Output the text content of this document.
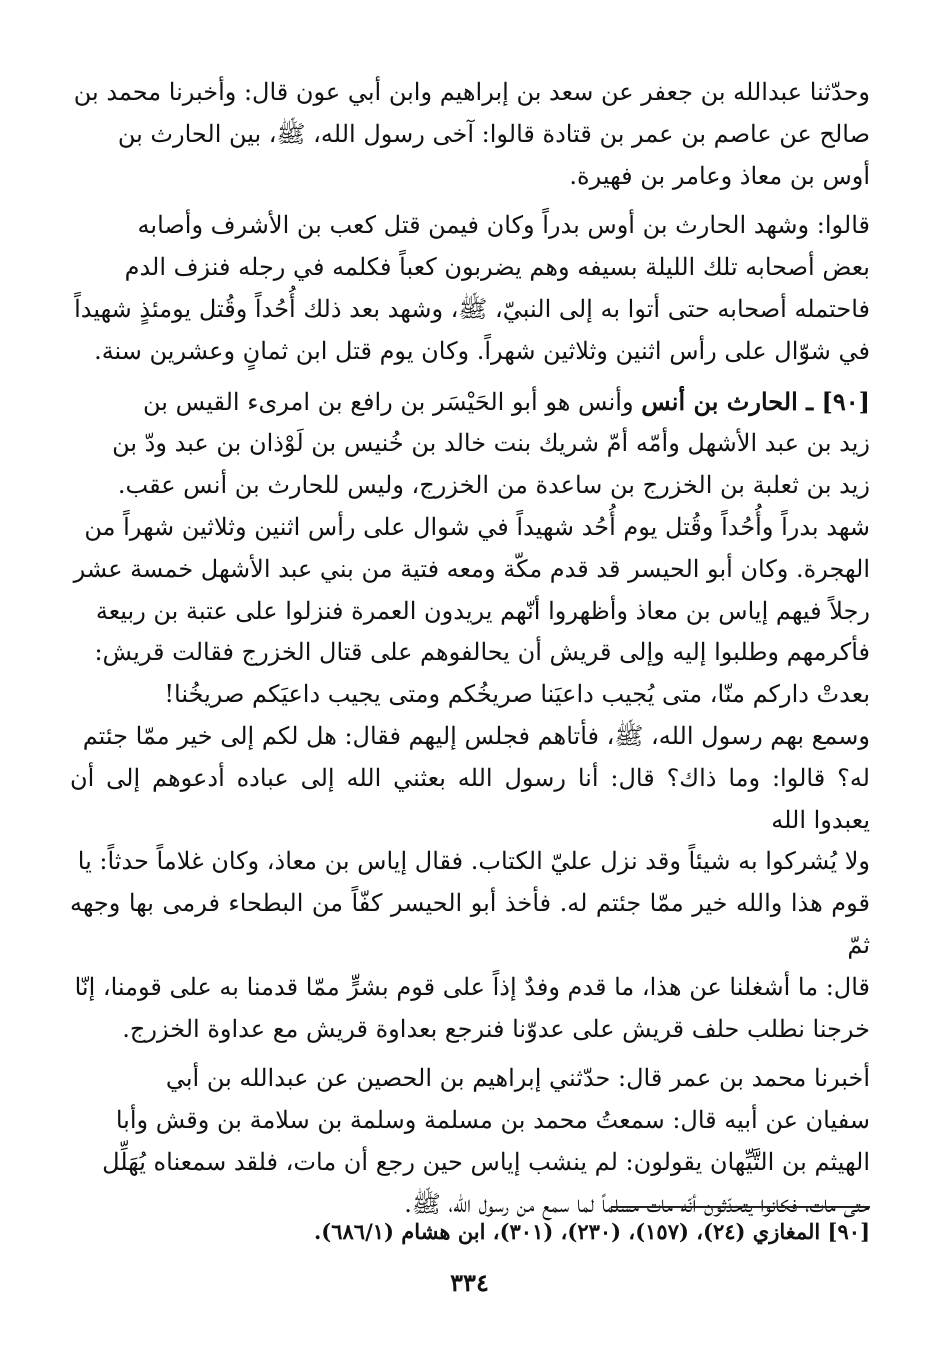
وحدّثنا عبدالله بن جعفر عن سعد بن إبراهيم وابن أبي عون قال: وأخبرنا محمد بن

صالح عن عاصم بن عمر بن قتادة قالوا: آخى رسول الله، ﷺ، بين الحارث بن

أوس بن معاذ وعامر بن فهيرة.

قالوا: وشهد الحارث بن أوس بدراً وكان فيمن قتل كعب بن الأشرف وأصابه

بعض أصحابه تلك الليلة بسيفه وهم يضربون كعباً فكلمه في رجله فنزف الدم

فاحتمله أصحابه حتى أتوا به إلى النبيّ، ﷺ، وشهد بعد ذلك أُحُداً وقُتل يومئذٍ شهيداً

في شوّال على رأس اثنين وثلاثين شهراً. وكان يوم قتل ابن ثمانٍ وعشرين سنة.

[٩٠] ـ الحارث بن أنس وأنس هو أبو الحَيْسَر بن رافع بن امرىء القيس بن

زيد بن عبد الأشهل وأمّه أمّ شريك بنت خالد بن خُنيس بن لَوْذان بن عبد ودّ بن

زيد بن ثعلبة بن الخزرج بن ساعدة من الخزرج، وليس للحارث بن أنس عقب.

شهد بدراً وأُحُداً وقُتل يوم أُحُد شهيداً في شوال على رأس اثنين وثلاثين شهراً من

الهجرة. وكان أبو الحيسر قد قدم مكّة ومعه فتية من بني عبد الأشهل خمسة عشر

رجلاً فيهم إياس بن معاذ وأظهروا أنّهم يريدون العمرة فنزلوا على عتبة بن ربيعة

فأكرمهم وطلبوا إليه وإلى قريش أن يحالفوهم على قتال الخزرج فقالت قريش:

بعدتْ داركم منّا، متى يُجيب داعيَنا صريخُكم ومتى يجيب داعيَكم صريخُنا!

وسمع بهم رسول الله، ﷺ، فأتاهم فجلس إليهم فقال: هل لكم إلى خير ممّا جئتم

له؟ قالوا: وما ذاك؟ قال: أنا رسول الله بعثني الله إلى عباده أدعوهم إلى أن يعبدوا الله

ولا يُشركوا به شيئاً وقد نزل عليّ الكتاب. فقال إياس بن معاذ، وكان غلاماً حدثاً: يا

قوم هذا والله خير ممّا جئتم له. فأخذ أبو الحيسر كفّاً من البطحاء فرمى بها وجهه ثمّ

قال: ما أشغلنا عن هذا، ما قدم وفدٌ إذاً على قوم بشرٍّ ممّا قدمنا به على قومنا، إنّا

خرجنا نطلب حلف قريش على عدوّنا فنرجع بعداوة قريش مع عداوة الخزرج.

أخبرنا محمد بن عمر قال: حدّثني إبراهيم بن الحصين عن عبدالله بن أبي

سفيان عن أبيه قال: سمعتُ محمد بن مسلمة وسلمة بن سلامة بن وقش وأبا

الهيثم بن التَّيِّهان يقولون: لم ينشب إياس حين رجع أن مات، فلقد سمعناه يُهَلِّل

حتى مات، فكانوا يتحدّثون أنّه مات مسلماً لما سمع من رسول الله، ﷺ.

[٩٠] المغازي (٢٤)، (١٥٧)، (٢٣٠)، (٣٠١)، ابن هشام (٦٨٦/١).
٣٣٤
